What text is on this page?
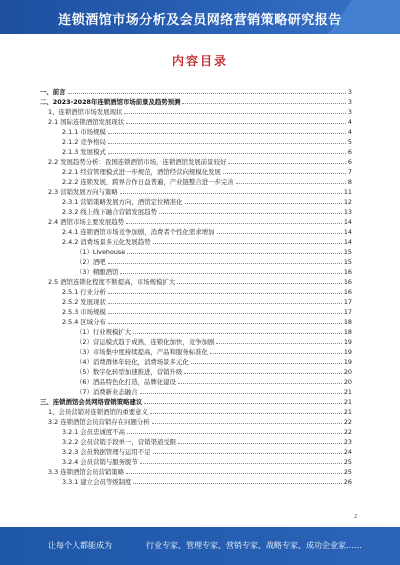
连锁酒馆市场分析及会员网络营销策略研究报告
内容目录
一、前言	3
二、2023-2028年连锁酒馆市场前景及趋势预测	3
1、连锁酒馆市场发展现状	3
2.1 国际连锁酒馆发展现状	4
2.1.1 市场规模	4
2.1.2 竞争格局	5
2.1.3 发展模式	6
2.2 发展趋势分析：我国连锁酒馆市场，连锁酒馆发展前景较好	6
2.2.1 经营管理模式进一步规范，酒馆经营向规模化发展	7
2.2.2 连锁发展，跨界合作日益普遍，产业链整合进一步完善	8
2.3 营销发展方向与策略	11
2.3.1 营销策略发展方向，酒馆定位精准化	12
2.3.2 线上线下融合营销发展趋势	13
2.4 酒馆市场主要发展趋势	14
2.4.1 连锁酒馆市场竞争加剧，消费者个性化需求增加	14
2.4.2 消费场景多元化发展趋势	14
（1）Livehouse	15
（2）酒吧	15
（3）精酿酒馆	16
2.5 酒馆连锁化程度不断提高，市场规模扩大	16
2.5.1 行业分析	16
2.5.2 发展现状	17
2.5.3 市场规模	17
2.5.4 区域分布	18
（1）行业规模扩大	18
（2）营运模式趋于成熟，连锁化加快，竞争加剧	19
（3）市场集中度持续提高，产品和服务标准化	19
（4）消费群体年轻化，消费场景多元化	19
（5）数字化转型加速推进，营销升级	20
（6）酒品特色化打造，品牌化建设	20
（7）消费新业态融合	21
三、连锁酒馆会员网络营销策略建议	21
1、会员营销对连锁酒馆的重要意义	21
3.2 连锁酒馆会员营销存在问题分析	22
3.2.1 会员忠诚度不高	22
3.2.2 会员营销手段单一，营销渠道受限	23
3.2.3 会员数据管理与运用不足	24
3.2.4 会员营销与服务脱节	25
3.3 连锁酒馆会员营销策略	25
3.3.1 建立会员等级制度	26
2
让每个人都能成为	行业专家、管理专家、营销专家、战略专家、成功企业家……
